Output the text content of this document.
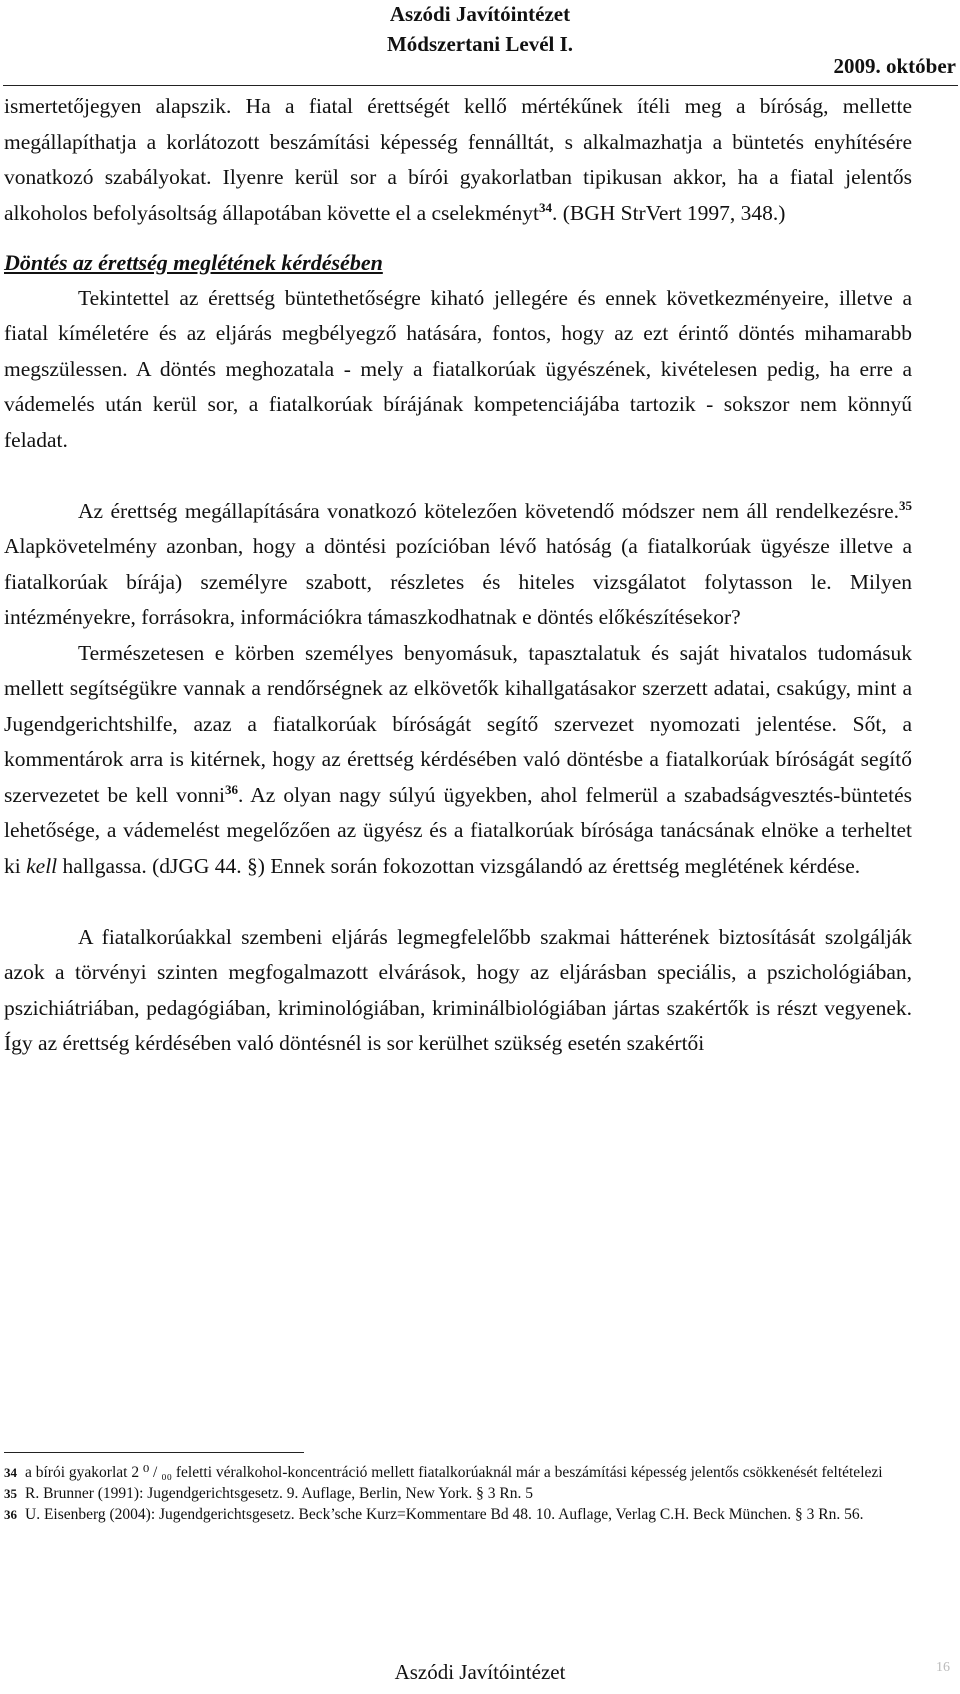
Aszódi Javítóintézet
Módszertani Levél I.
2009. október

ismertetőjegyen alapszik. Ha a fiatal érettségét kellő mértékűnek ítéli meg a bíróság, mellette megállapíthatja a korlátozott beszámítási képesség fennálltát, s alkalmazhatja a büntetés enyhítésére vonatkozó szabályokat. Ilyenre kerül sor a bírói gyakorlatban tipikusan akkor, ha a fiatal jelentős alkoholos befolyásoltság állapotában követte el a cselekményt$^{34}$. (BGH StrVert 1997, 348.)

Döntés az érettség meglétének kérdésében

Tekintettel az érettség büntethetőségre kiható jellegére és ennek következményeire, illetve a fiatal kíméletére és az eljárás megbélyegző hatására, fontos, hogy az ezt érintő döntés mihamarabb megszülessen. A döntés meghozatala - mely a fiatalkorúak ügyészének, kivételesen pedig, ha erre a vádemelés után kerül sor, a fiatalkorúak bírájának kompetenciájába tartozik - sokszor nem könnyű feladat.

Az érettség megállapítására vonatkozó kötelezően követendő módszer nem áll rendelkezésre.$^{35}$ Alapkövetelmény azonban, hogy a döntési pozícióban lévő hatóság (a fiatalkorúak ügyésze illetve a fiatalkorúak bírája) személyre szabott, részletes és hiteles vizsgálatot folytasson le. Milyen intézményekre, forrásokra, információkra támaszkodhatnak e döntés előkészítésekor?

Természetesen e körben személyes benyomásuk, tapasztalatuk és saját hivatalos tudomásuk mellett segítségükre vannak a rendőrségnek az elkövetők kihallgatásakor szerzett adatai, csakúgy, mint a Jugendgerichtshilfe, azaz a fiatalkorúak bíróságát segítő szervezet nyomozati jelentése. Sőt, a kommentárok arra is kitérnek, hogy az érettség kérdésében való döntésbe a fiatalkorúak bíróságát segítő szervezetet be kell vonni$^{36}$. Az olyan nagy súlyú ügyekben, ahol felmerül a szabadságvesztés-büntetés lehetősége, a vádemelést megelőzően az ügyész és a fiatalkorúak bírósága tanácsának elnöke a terheltet ki kell hallgassa. (dJGG 44. §) Ennek során fokozottan vizsgálandó az érettség meglétének kérdése.

A fiatalkorúakkal szembeni eljárás legmegfelelőbb szakmai hátterének biztosítását szolgálják azok a törvényi szinten megfogalmazott elvárások, hogy az eljárásban speciális, a pszichológiában, pszichiátriában, pedagógiában, kriminológiában, kriminálbiológiában jártas szakértők is részt vegyenek. Így az érettség kérdésében való döntésnél is sor kerülhet szükség esetén szakértői

34 a bírói gyakorlat 2 ⁰ / ₀₀ feletti véralkohol-koncentráció mellett fiatalkorúaknál már a beszámítási képesség jelentős csökkenését feltételezi
35 R. Brunner (1991): Jugendgerichtsgesetz. 9. Auflage, Berlin, New York. § 3 Rn. 5
36 U. Eisenberg (2004): Jugendgerichtsgesetz. Beck’sche Kurz=Kommentare Bd 48. 10. Auflage, Verlag C.H. Beck München. § 3 Rn. 56.
Aszódi Javítóintézet	16
